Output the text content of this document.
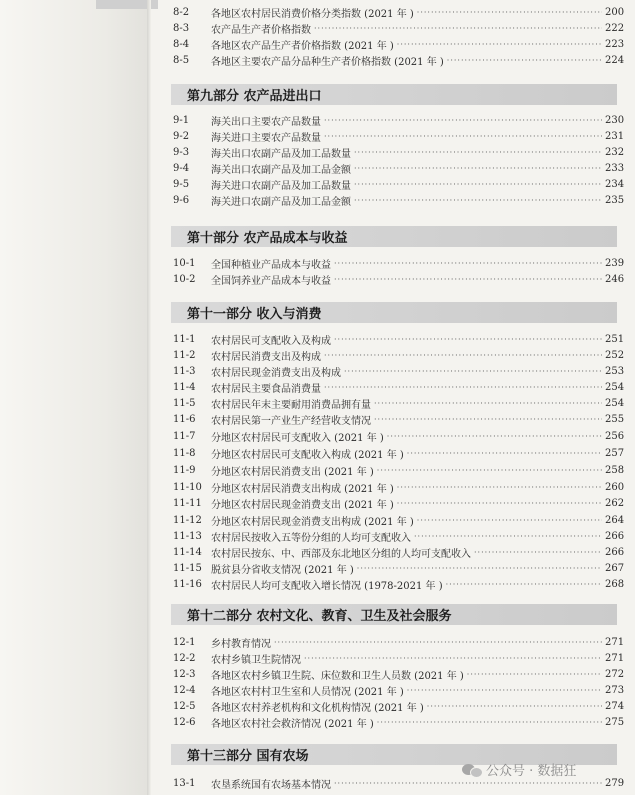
8-2	各地区农村居民消费价格分类指数 (2021 年 ) ·····	200
8-3	农产品生产者价格指数 ·····	222
8-4	各地区农产品生产者价格指数 (2021 年 ) ·····	223
8-5	各地区主要农产品分品种生产者价格指数 (2021 年 ) ·····	224
第九部分 农产品进出口
9-1	海关出口主要农产品数量 ·····	230
9-2	海关进口主要农产品数量 ·····	231
9-3	海关出口农副产品及加工品数量 ·····	232
9-4	海关出口农副产品及加工品金额 ·····	233
9-5	海关进口农副产品及加工品数量 ·····	234
9-6	海关进口农副产品及加工品金额 ·····	235
第十部分 农产品成本与收益
10-1	全国种植业产品成本与收益 ·····	239
10-2	全国饲养业产品成本与收益 ·····	246
第十一部分 收入与消费
11-1	农村居民可支配收入及构成 ·····	251
11-2	农村居民消费支出及构成 ·····	252
11-3	农村居民现金消费支出及构成 ·····	253
11-4	农村居民主要食品消费量 ·····	254
11-5	农村居民年末主要耐用消费品拥有量 ·····	254
11-6	农村居民第一产业生产经营收支情况 ·····	255
11-7	分地区农村居民可支配收入 (2021 年 ) ·····	256
11-8	分地区农村居民可支配收入构成 (2021 年 ) ·····	257
11-9	分地区农村居民消费支出 (2021 年 ) ·····	258
11-10 分地区农村居民消费支出构成 (2021 年 ) ·····	260
11-11 分地区农村居民现金消费支出 (2021 年 ) ·····	262
11-12 分地区农村居民现金消费支出构成 (2021 年 ) ·····	264
11-13 农村居民按收入五等份分组的人均可支配收入 ·····	266
11-14 农村居民按东、中、西部及东北地区分组的人均可支配收入 ·····	266
11-15 脱贫县分省收支情况 (2021 年 ) ·····	267
11-16 农村居民人均可支配收入增长情况 (1978-2021 年 ) ·····	268
第十二部分 农村文化、教育、卫生及社会服务
12-1	乡村教育情况 ·····	271
12-2	农村乡镇卫生院情况 ·····	271
12-3	各地区农村乡镇卫生院、床位数和卫生人员数 (2021 年 ) ·····	272
12-4	各地区农村村卫生室和人员情况 (2021 年 ) ·····	273
12-5	各地区农村养老机构和文化机构情况 (2021 年 ) ·····	274
12-6	各地区农村社会救济情况 (2021 年 ) ·····	275
第十三部分 国有农场
13-1	农垦系统国有农场基本情况 ·····	279
公众号 · 数据狂
